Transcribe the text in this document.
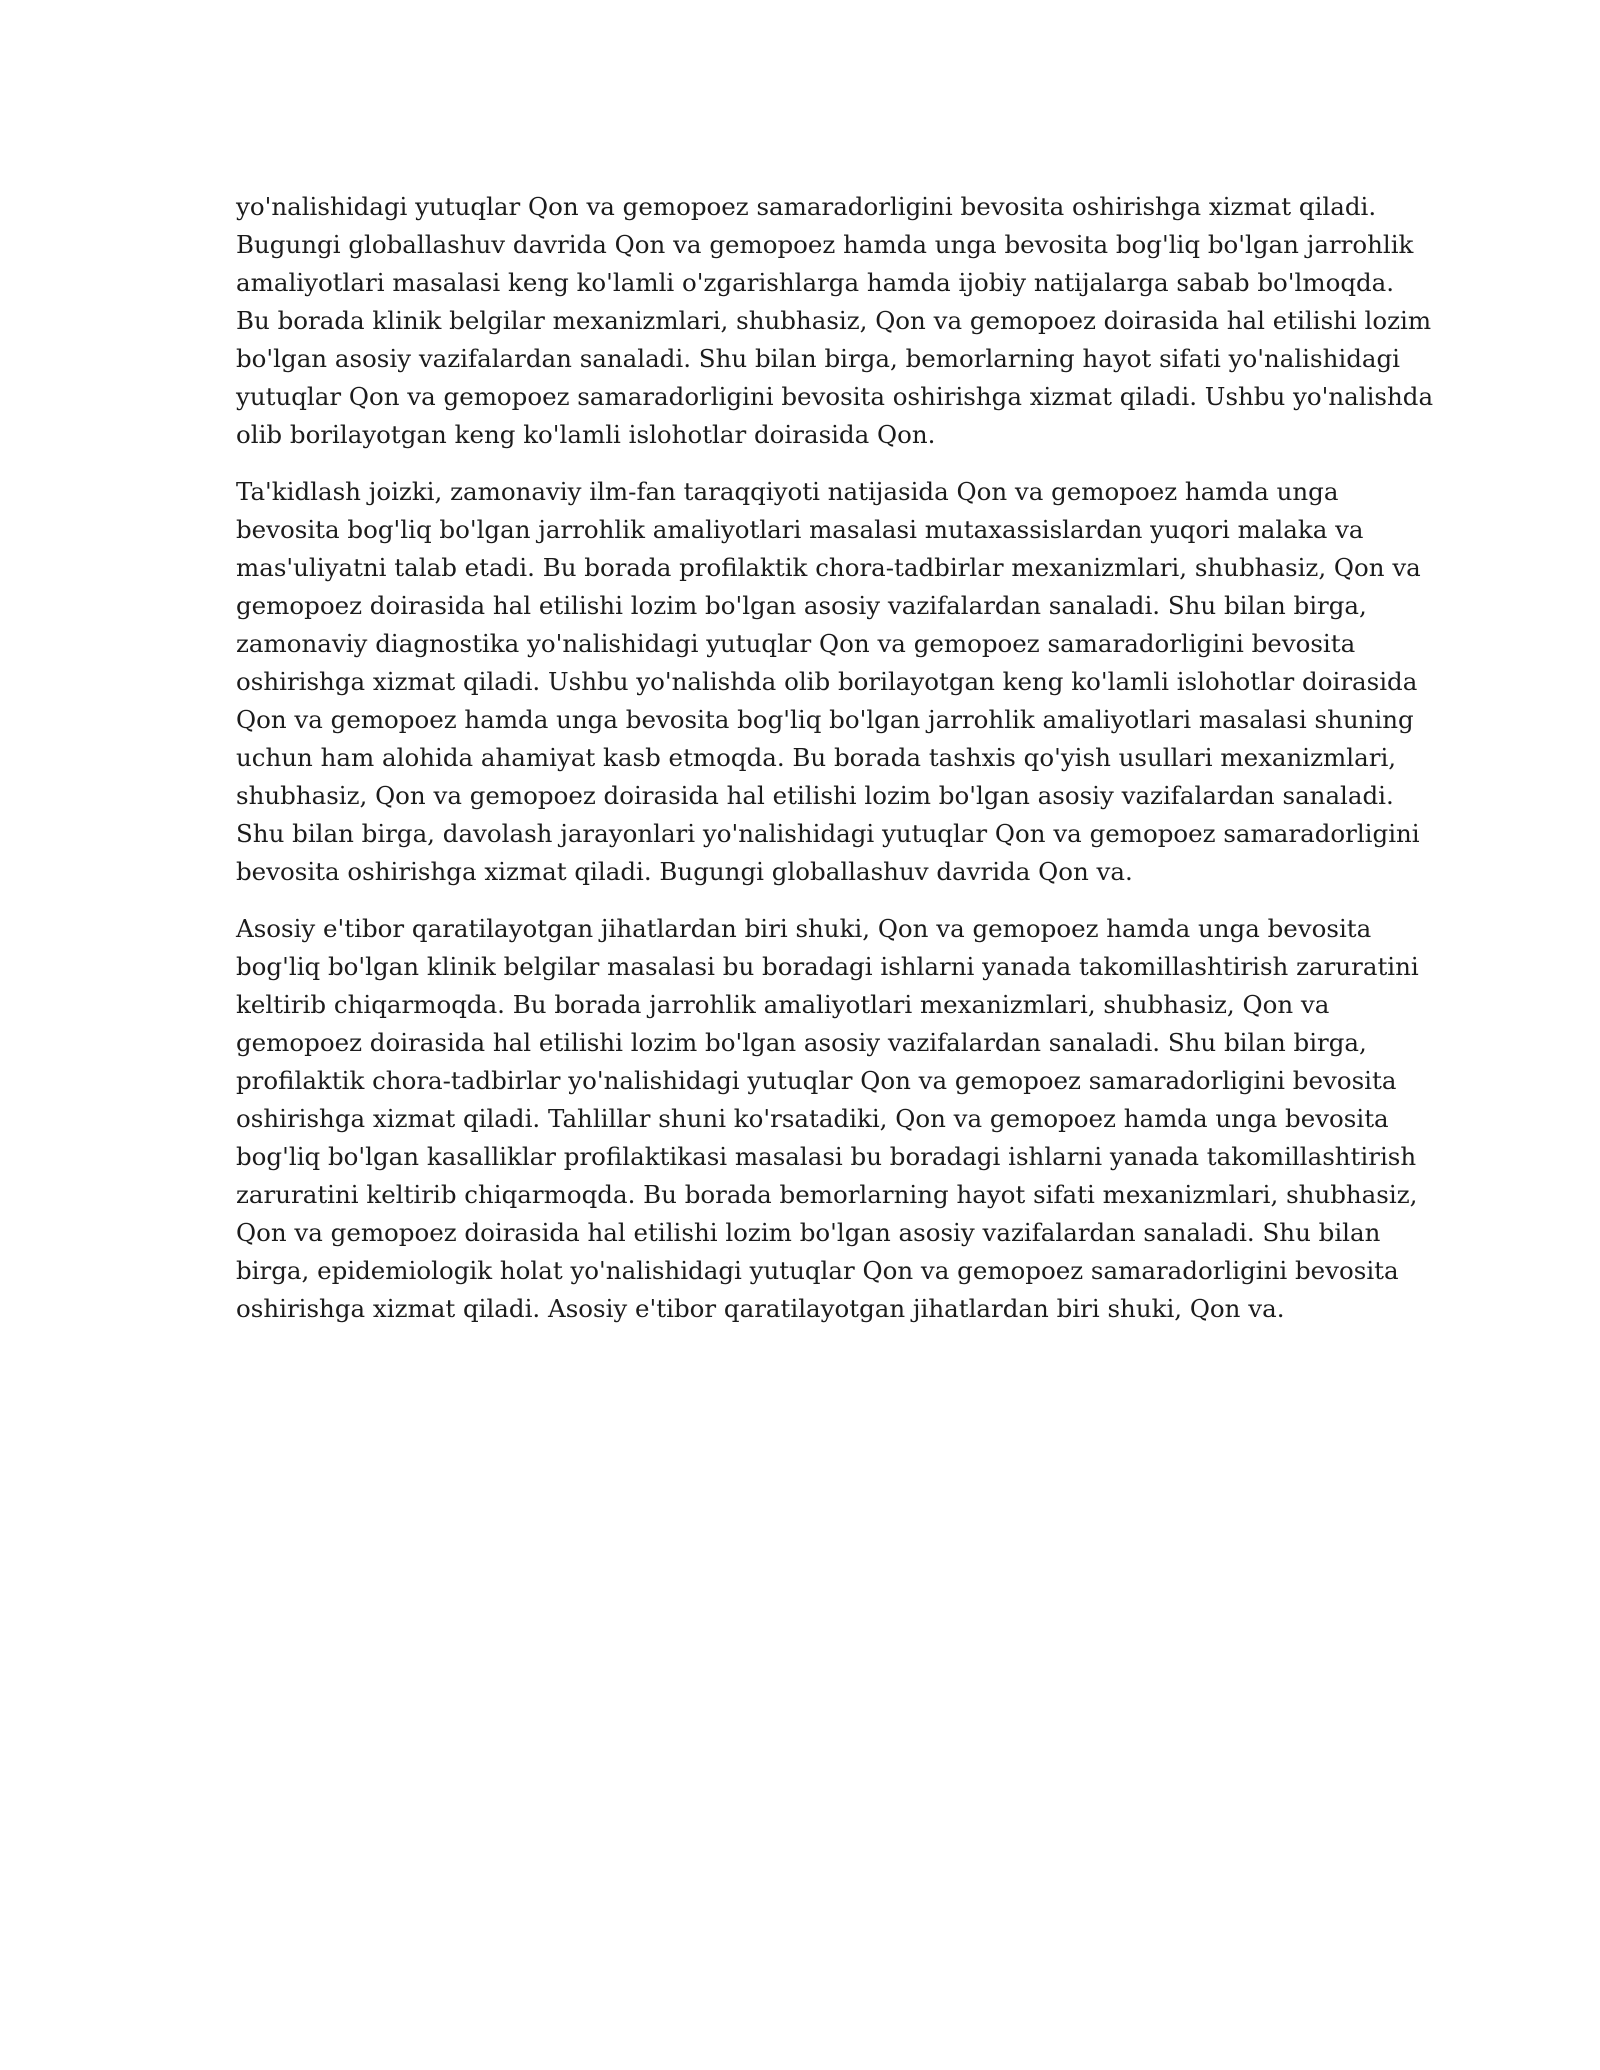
yo'nalishidagi yutuqlar Qon va gemopoez samaradorligini bevosita oshirishga xizmat qiladi.
Bugungi globallashuv davrida Qon va gemopoez hamda unga bevosita bog'liq bo'lgan jarrohlik
amaliyotlari masalasi keng ko'lamli o'zgarishlarga hamda ijobiy natijalarga sabab bo'lmoqda.
Bu borada klinik belgilar mexanizmlari, shubhasiz, Qon va gemopoez doirasida hal etilishi lozim
bo'lgan asosiy vazifalardan sanaladi. Shu bilan birga, bemorlarning hayot sifati yo'nalishidagi
yutuqlar Qon va gemopoez samaradorligini bevosita oshirishga xizmat qiladi. Ushbu yo'nalishda
olib borilayotgan keng ko'lamli islohotlar doirasida Qon.

Ta'kidlash joizki, zamonaviy ilm-fan taraqqiyoti natijasida Qon va gemopoez hamda unga
bevosita bog'liq bo'lgan jarrohlik amaliyotlari masalasi mutaxassislardan yuqori malaka va
mas'uliyatni talab etadi. Bu borada profilaktik chora-tadbirlar mexanizmlari, shubhasiz, Qon va
gemopoez doirasida hal etilishi lozim bo'lgan asosiy vazifalardan sanaladi. Shu bilan birga,
zamonaviy diagnostika yo'nalishidagi yutuqlar Qon va gemopoez samaradorligini bevosita
oshirishga xizmat qiladi. Ushbu yo'nalishda olib borilayotgan keng ko'lamli islohotlar doirasida
Qon va gemopoez hamda unga bevosita bog'liq bo'lgan jarrohlik amaliyotlari masalasi shuning
uchun ham alohida ahamiyat kasb etmoqda. Bu borada tashxis qo'yish usullari mexanizmlari,
shubhasiz, Qon va gemopoez doirasida hal etilishi lozim bo'lgan asosiy vazifalardan sanaladi.
Shu bilan birga, davolash jarayonlari yo'nalishidagi yutuqlar Qon va gemopoez samaradorligini
bevosita oshirishga xizmat qiladi. Bugungi globallashuv davrida Qon va.

Asosiy e'tibor qaratilayotgan jihatlardan biri shuki, Qon va gemopoez hamda unga bevosita
bog'liq bo'lgan klinik belgilar masalasi bu boradagi ishlarni yanada takomillashtirish zaruratini
keltirib chiqarmoqda. Bu borada jarrohlik amaliyotlari mexanizmlari, shubhasiz, Qon va
gemopoez doirasida hal etilishi lozim bo'lgan asosiy vazifalardan sanaladi. Shu bilan birga,
profilaktik chora-tadbirlar yo'nalishidagi yutuqlar Qon va gemopoez samaradorligini bevosita
oshirishga xizmat qiladi. Tahlillar shuni ko'rsatadiki, Qon va gemopoez hamda unga bevosita
bog'liq bo'lgan kasalliklar profilaktikasi masalasi bu boradagi ishlarni yanada takomillashtirish
zaruratini keltirib chiqarmoqda. Bu borada bemorlarning hayot sifati mexanizmlari, shubhasiz,
Qon va gemopoez doirasida hal etilishi lozim bo'lgan asosiy vazifalardan sanaladi. Shu bilan
birga, epidemiologik holat yo'nalishidagi yutuqlar Qon va gemopoez samaradorligini bevosita
oshirishga xizmat qiladi. Asosiy e'tibor qaratilayotgan jihatlardan biri shuki, Qon va.
